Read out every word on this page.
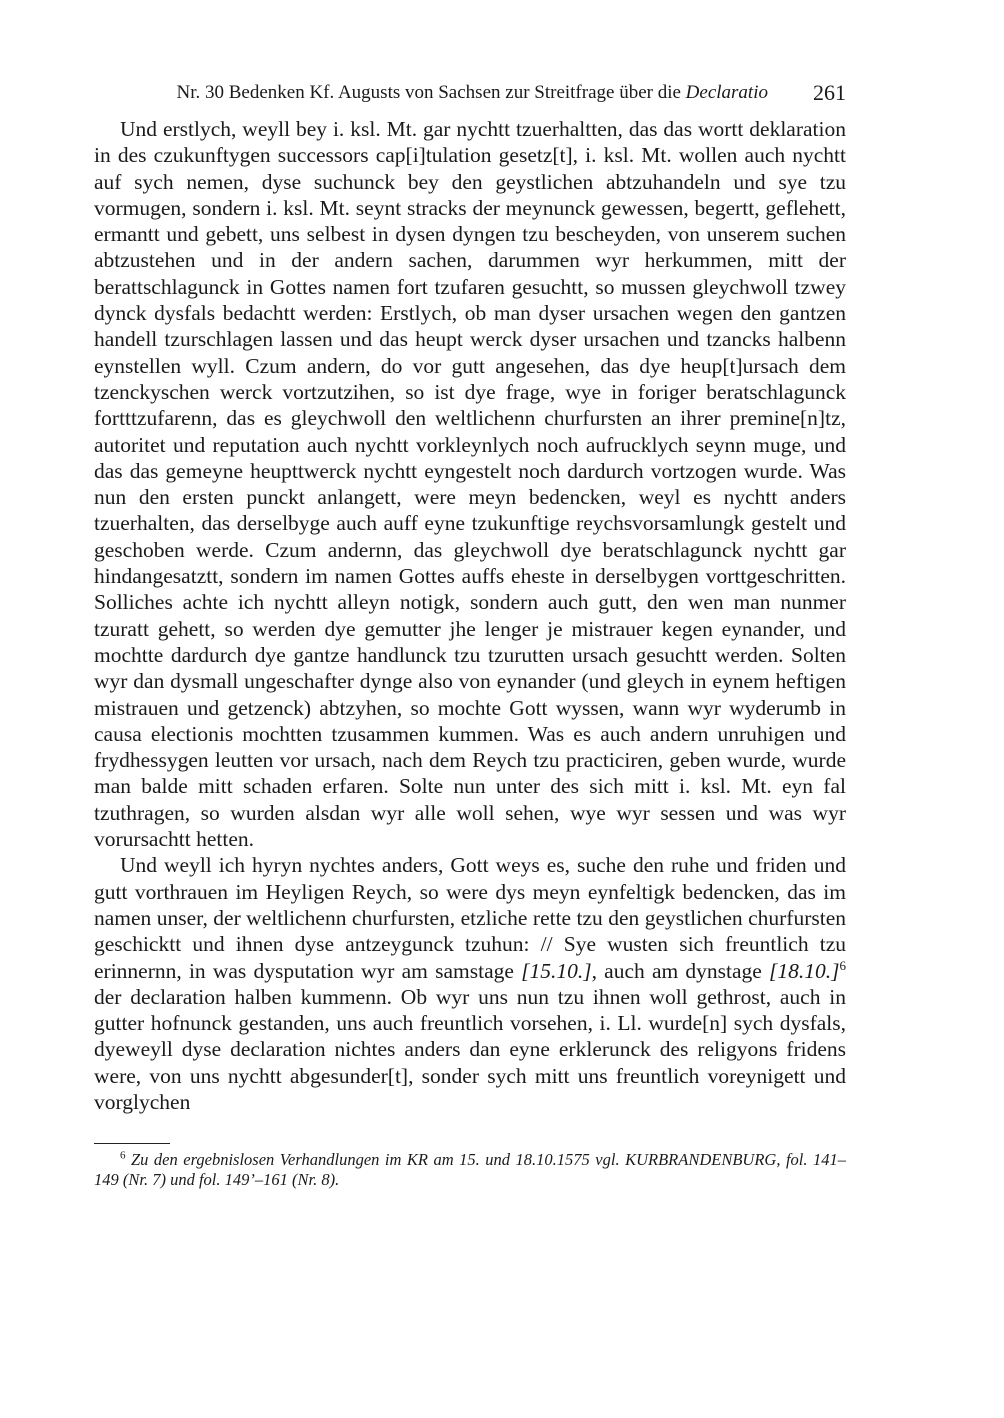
Nr. 30 Bedenken Kf. Augusts von Sachsen zur Streitfrage über die Declaratio 261

Und erstlych, weyll bey i. ksl. Mt. gar nychtt tzuerhaltten, das das wortt deklaration in des czukunftygen successors cap[i]tulation gesetz[t], i. ksl. Mt. wollen auch nychtt auf sych nemen, dyse suchunck bey den geystlichen abtzuhandeln und sye tzu vormugen, sondern i. ksl. Mt. seynt stracks der meynunck gewessen, begertt, geflehett, ermantt und gebett, uns selbest in dysen dyngen tzu bescheyden, von unserem suchen abtzustehen und in der andern sachen, darummen wyr herkummen, mitt der berattschlagunck in Gottes namen fort tzufaren gesuchtt, so mussen gleychwoll tzwey dynck dysfals bedachtt werden: Erstlych, ob man dyser ursachen wegen den gantzen handell tzurschlagen lassen und das heupt werck dyser ursachen und tzancks halbenn eynstellen wyll. Czum andern, do vor gutt angesehen, das dye heup[t]ursach dem tzenckyschen werck vortzutzihen, so ist dye frage, wye in foriger beratschlagunck fortttzufarenn, das es gleychwoll den weltlichenn churfursten an ihrer premine[n]tz, autoritet und reputation auch nychtt vorkleynlych noch aufrucklych seynn muge, und das das gemeyne heupttwerck nychtt eyngestelt noch dardurch vortzogen wurde. Was nun den ersten punckt anlangett, were meyn bedencken, weyl es nychtt anders tzuerhalten, das derselbyge auch auff eyne tzukunftige reychsvorsamlungk gestelt und geschoben werde. Czum andernn, das gleychwoll dye beratschlagunck nychtt gar hindangesatztt, sondern im namen Gottes auffs eheste in derselbygen vorttgeschritten. Solliches achte ich nychtt alleyn notigk, sondern auch gutt, den wen man nunmer tzuratt gehett, so werden dye gemutter jhe lenger je mistrauer kegen eynander, und mochtte dardurch dye gantze handlunck tzu tzurutten ursach gesuchtt werden. Solten wyr dan dysmall ungeschafter dynge also von eynander (und gleych in eynem heftigen mistrauen und getzenck) abtzyhen, so mochte Gott wyssen, wann wyr wyderumb in causa electionis mochtten tzusammen kummen. Was es auch andern unruhigen und frydhessygen leutten vor ursach, nach dem Reych tzu practiciren, geben wurde, wurde man balde mitt schaden erfaren. Solte nun unter des sich mitt i. ksl. Mt. eyn fal tzuthragen, so wurden alsdan wyr alle woll sehen, wye wyr sessen und was wyr vorursachtt hetten.

Und weyll ich hyryn nychtes anders, Gott weys es, suche den ruhe und friden und gutt vorthrauen im Heyligen Reych, so were dys meyn eynfeltigk bedencken, das im namen unser, der weltlichenn churfursten, etzliche rette tzu den geystlichen churfursten geschicktt und ihnen dyse antzeygunck tzuhun: // Sye wusten sich freuntlich tzu erinnernn, in was dysputation wyr am samstage [15.10.], auch am dynstage $[18.10.]^6$ der declaration halben kummenn. Ob wyr uns nun tzu ihnen woll gethrost, auch in gutter hofnunck gestanden, uns auch freuntlich vorsehen, i. Ll. wurde[n] sych dysfals, dyeweyll dyse declaration nichtes anders dan eyne erklerunck des religyons fridens were, von uns nychtt abgesunder[t], sonder sych mitt uns freuntlich voreynigett und vorglychen

$^6$ Zu den ergebnislosen Verhandlungen im KR am 15. und 18.10.1575 vgl. KURBRANDENBURG, fol. 141–149 (Nr. 7) und fol. 149’–161 (Nr. 8).
